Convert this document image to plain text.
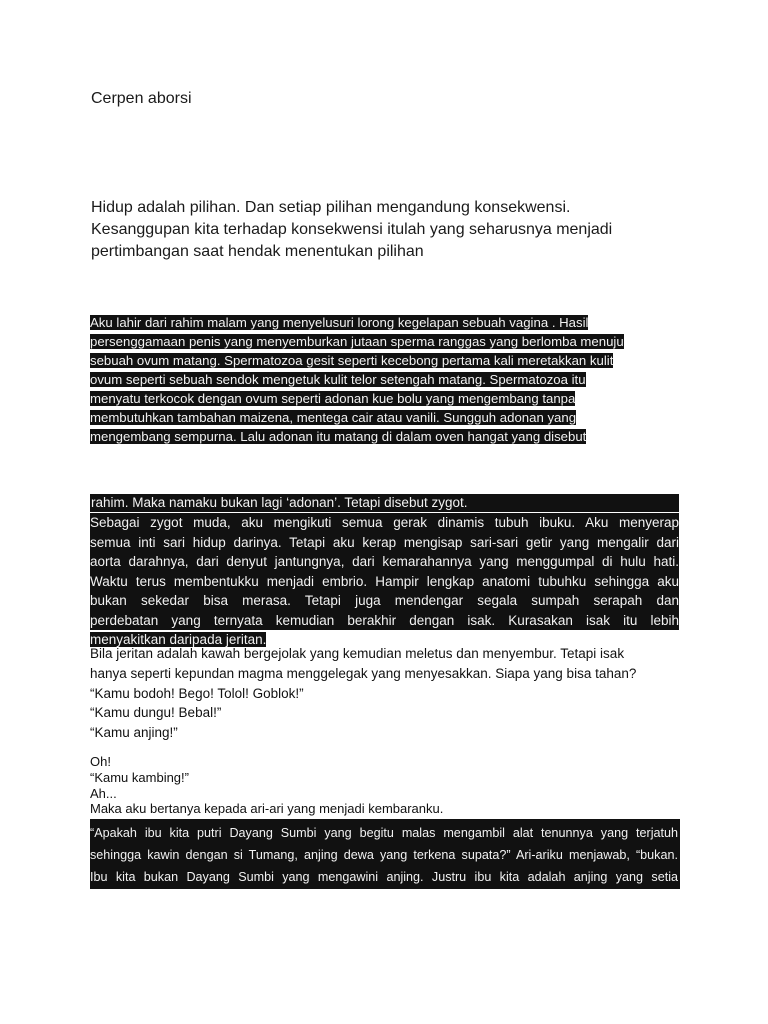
Cerpen aborsi
Hidup adalah pilihan. Dan setiap pilihan mengandung konsekwensi.
Kesanggupan kita terhadap konsekwensi itulah yang seharusnya menjadi
pertimbangan saat hendak menentukan pilihan
Aku lahir dari rahim malam yang menyelusuri lorong kegelapan sebuah vagina . Hasil
persenggamaan penis yang menyemburkan jutaan sperma ranggas yang berlomba menuju
sebuah ovum matang. Spermatozoa gesit seperti kecebong pertama kali meretakkan kulit
ovum seperti sebuah sendok mengetuk kulit telor setengah matang. Spermatozoa itu
menyatu terkocok dengan ovum seperti adonan kue bolu yang mengembang tanpa
membutuhkan tambahan maizena, mentega cair atau vanili. Sungguh adonan yang
mengembang sempurna. Lalu adonan itu matang di dalam oven hangat yang disebut
rahim. Maka namaku bukan lagi ‘adonan’. Tetapi disebut zygot.
Sebagai zygot muda, aku mengikuti semua gerak dinamis tubuh ibuku. Aku menyerap
semua inti sari hidup darinya. Tetapi aku kerap mengisap sari-sari getir yang mengalir dari
aorta darahnya, dari denyut jantungnya, dari kemarahannya yang menggumpal di hulu hati.
Waktu terus membentukku menjadi embrio. Hampir lengkap anatomi tubuhku sehingga aku
bukan sekedar bisa merasa. Tetapi juga mendengar segala sumpah serapah dan
perdebatan yang ternyata kemudian berakhir dengan isak. Kurasakan isak itu lebih
menyakitkan daripada jeritan.
Bila jeritan adalah kawah bergejolak yang kemudian meletus dan menyembur. Tetapi isak
hanya seperti kepundan magma menggelegak yang menyesakkan. Siapa yang bisa tahan?
“Kamu bodoh! Bego! Tolol! Goblok!”
“Kamu dungu! Bebal!”
“Kamu anjing!”
Oh!
“Kamu kambing!”
Ah...
Maka aku bertanya kepada ari-ari yang menjadi kembaranku.
“Apakah ibu kita putri Dayang Sumbi yang begitu malas mengambil alat tenunnya yang terjatuh
sehingga kawin dengan si Tumang, anjing dewa yang terkena supata?” Ari-ariku menjawab, “bukan.
Ibu kita bukan Dayang Sumbi yang mengawini anjing. Justru ibu kita adalah anjing yang setia
